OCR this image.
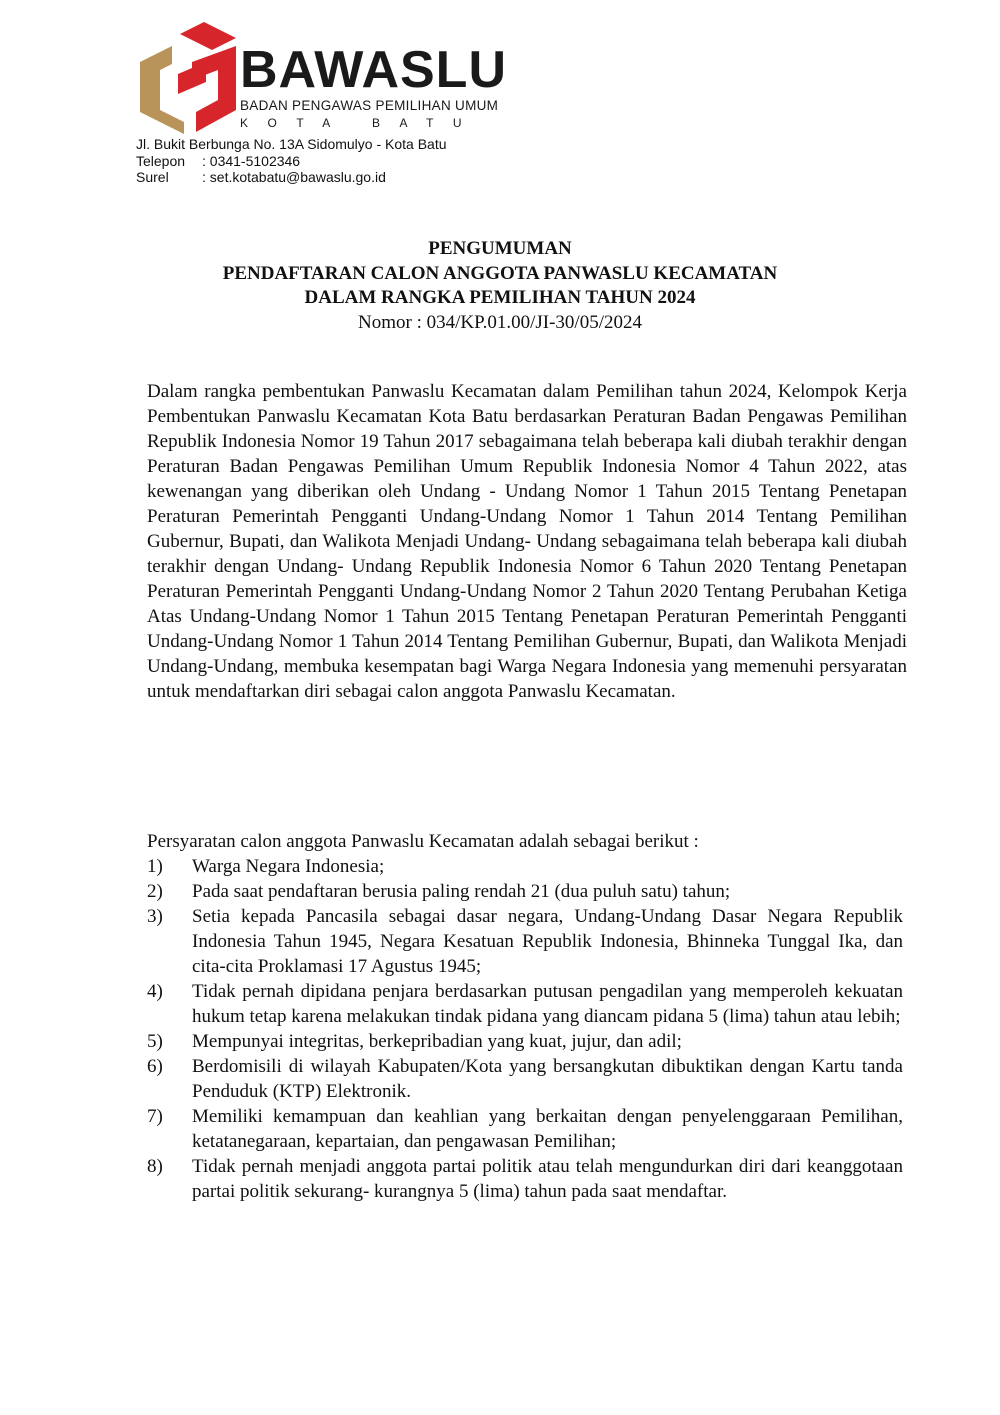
BAWASLU
BADAN PENGAWAS PEMILIHAN UMUM
KOTA BATU
Jl. Bukit Berbunga No. 13A Sidomulyo - Kota Batu
Telepon	: 0341-5102346
Surel	: set.kotabatu@bawaslu.go.id
PENGUMUMAN
PENDAFTARAN CALON ANGGOTA PANWASLU KECAMATAN
DALAM RANGKA PEMILIHAN TAHUN 2024
Nomor : 034/KP.01.00/JI-30/05/2024
Dalam rangka pembentukan Panwaslu Kecamatan dalam Pemilihan tahun 2024, Kelompok Kerja Pembentukan Panwaslu Kecamatan Kota Batu berdasarkan Peraturan Badan Pengawas Pemilihan Republik Indonesia Nomor 19 Tahun 2017 sebagaimana telah beberapa kali diubah terakhir dengan Peraturan Badan Pengawas Pemilihan Umum Republik Indonesia Nomor 4 Tahun 2022, atas kewenangan yang diberikan oleh Undang - Undang Nomor 1 Tahun 2015 Tentang Penetapan Peraturan Pemerintah Pengganti Undang-Undang Nomor 1 Tahun 2014 Tentang Pemilihan Gubernur, Bupati, dan Walikota Menjadi Undang- Undang sebagaimana telah beberapa kali diubah terakhir dengan Undang- Undang Republik Indonesia Nomor 6 Tahun 2020 Tentang Penetapan Peraturan Pemerintah Pengganti Undang-Undang Nomor 2 Tahun 2020 Tentang Perubahan Ketiga Atas Undang-Undang Nomor 1 Tahun 2015 Tentang Penetapan Peraturan Pemerintah Pengganti Undang-Undang Nomor 1 Tahun 2014 Tentang Pemilihan Gubernur, Bupati, dan Walikota Menjadi Undang-Undang, membuka kesempatan bagi Warga Negara Indonesia yang memenuhi persyaratan untuk mendaftarkan diri sebagai calon anggota Panwaslu Kecamatan.
Persyaratan calon anggota Panwaslu Kecamatan adalah sebagai berikut :
1)	Warga Negara Indonesia;
2)	Pada saat pendaftaran berusia paling rendah 21 (dua puluh satu) tahun;
3)	Setia kepada Pancasila sebagai dasar negara, Undang-Undang Dasar Negara Republik Indonesia Tahun 1945, Negara Kesatuan Republik Indonesia, Bhinneka Tunggal Ika, dan cita-cita Proklamasi 17 Agustus 1945;
4)	Tidak pernah dipidana penjara berdasarkan putusan pengadilan yang memperoleh kekuatan hukum tetap karena melakukan tindak pidana yang diancam pidana 5 (lima) tahun atau lebih;
5)	Mempunyai integritas, berkepribadian yang kuat, jujur, dan adil;
6)	Berdomisili di wilayah Kabupaten/Kota yang bersangkutan dibuktikan dengan Kartu tanda Penduduk (KTP) Elektronik.
7)	Memiliki kemampuan dan keahlian yang berkaitan dengan penyelenggaraan Pemilihan, ketatanegaraan, kepartaian, dan pengawasan Pemilihan;
8)	Tidak pernah menjadi anggota partai politik atau telah mengundurkan diri dari keanggotaan partai politik sekurang- kurangnya 5 (lima) tahun pada saat mendaftar.
